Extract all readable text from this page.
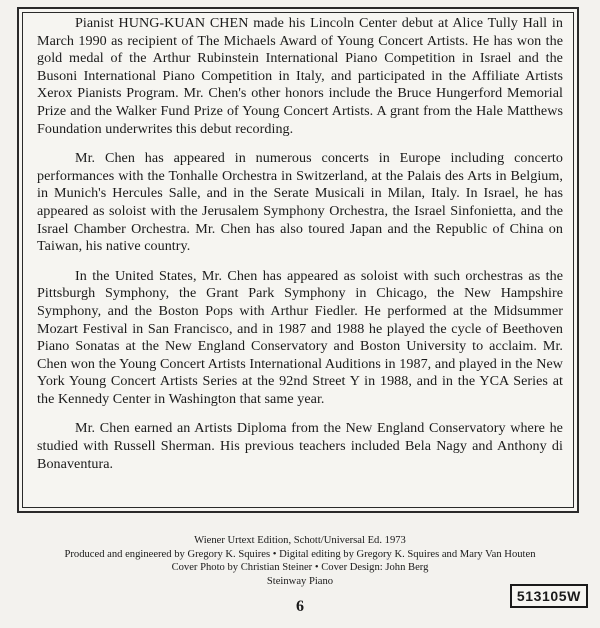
Pianist HUNG-KUAN CHEN made his Lincoln Center debut at Alice Tully Hall in March 1990 as recipient of The Michaels Award of Young Concert Artists. He has won the gold medal of the Arthur Rubinstein International Piano Competition in Israel and the Busoni International Piano Competition in Italy, and participated in the Affiliate Artists Xerox Pianists Program. Mr. Chen's other honors include the Bruce Hungerford Memorial Prize and the Walker Fund Prize of Young Concert Artists. A grant from the Hale Matthews Foundation underwrites this debut recording.

Mr. Chen has appeared in numerous concerts in Europe including concerto performances with the Tonhalle Orchestra in Switzerland, at the Palais des Arts in Belgium, in Munich's Hercules Salle, and in the Serate Musicali in Milan, Italy. In Israel, he has appeared as soloist with the Jerusalem Symphony Orchestra, the Israel Sinfonietta, and the Israel Chamber Orchestra. Mr. Chen has also toured Japan and the Republic of China on Taiwan, his native country.

In the United States, Mr. Chen has appeared as soloist with such orchestras as the Pittsburgh Symphony, the Grant Park Symphony in Chicago, the New Hampshire Symphony, and the Boston Pops with Arthur Fiedler. He performed at the Midsummer Mozart Festival in San Francisco, and in 1987 and 1988 he played the cycle of Beethoven Piano Sonatas at the New England Conservatory and Boston University to acclaim. Mr. Chen won the Young Concert Artists International Auditions in 1987, and played in the New York Young Concert Artists Series at the 92nd Street Y in 1988, and in the YCA Series at the Kennedy Center in Washington that same year.

Mr. Chen earned an Artists Diploma from the New England Conservatory where he studied with Russell Sherman. His previous teachers included Bela Nagy and Anthony di Bonaventura.

Wiener Urtext Edition, Schott/Universal Ed. 1973
Produced and engineered by Gregory K. Squires • Digital editing by Gregory K. Squires and Mary Van Houten
Cover Photo by Christian Steiner • Cover Design: John Berg
Steinway Piano
6
513105W
